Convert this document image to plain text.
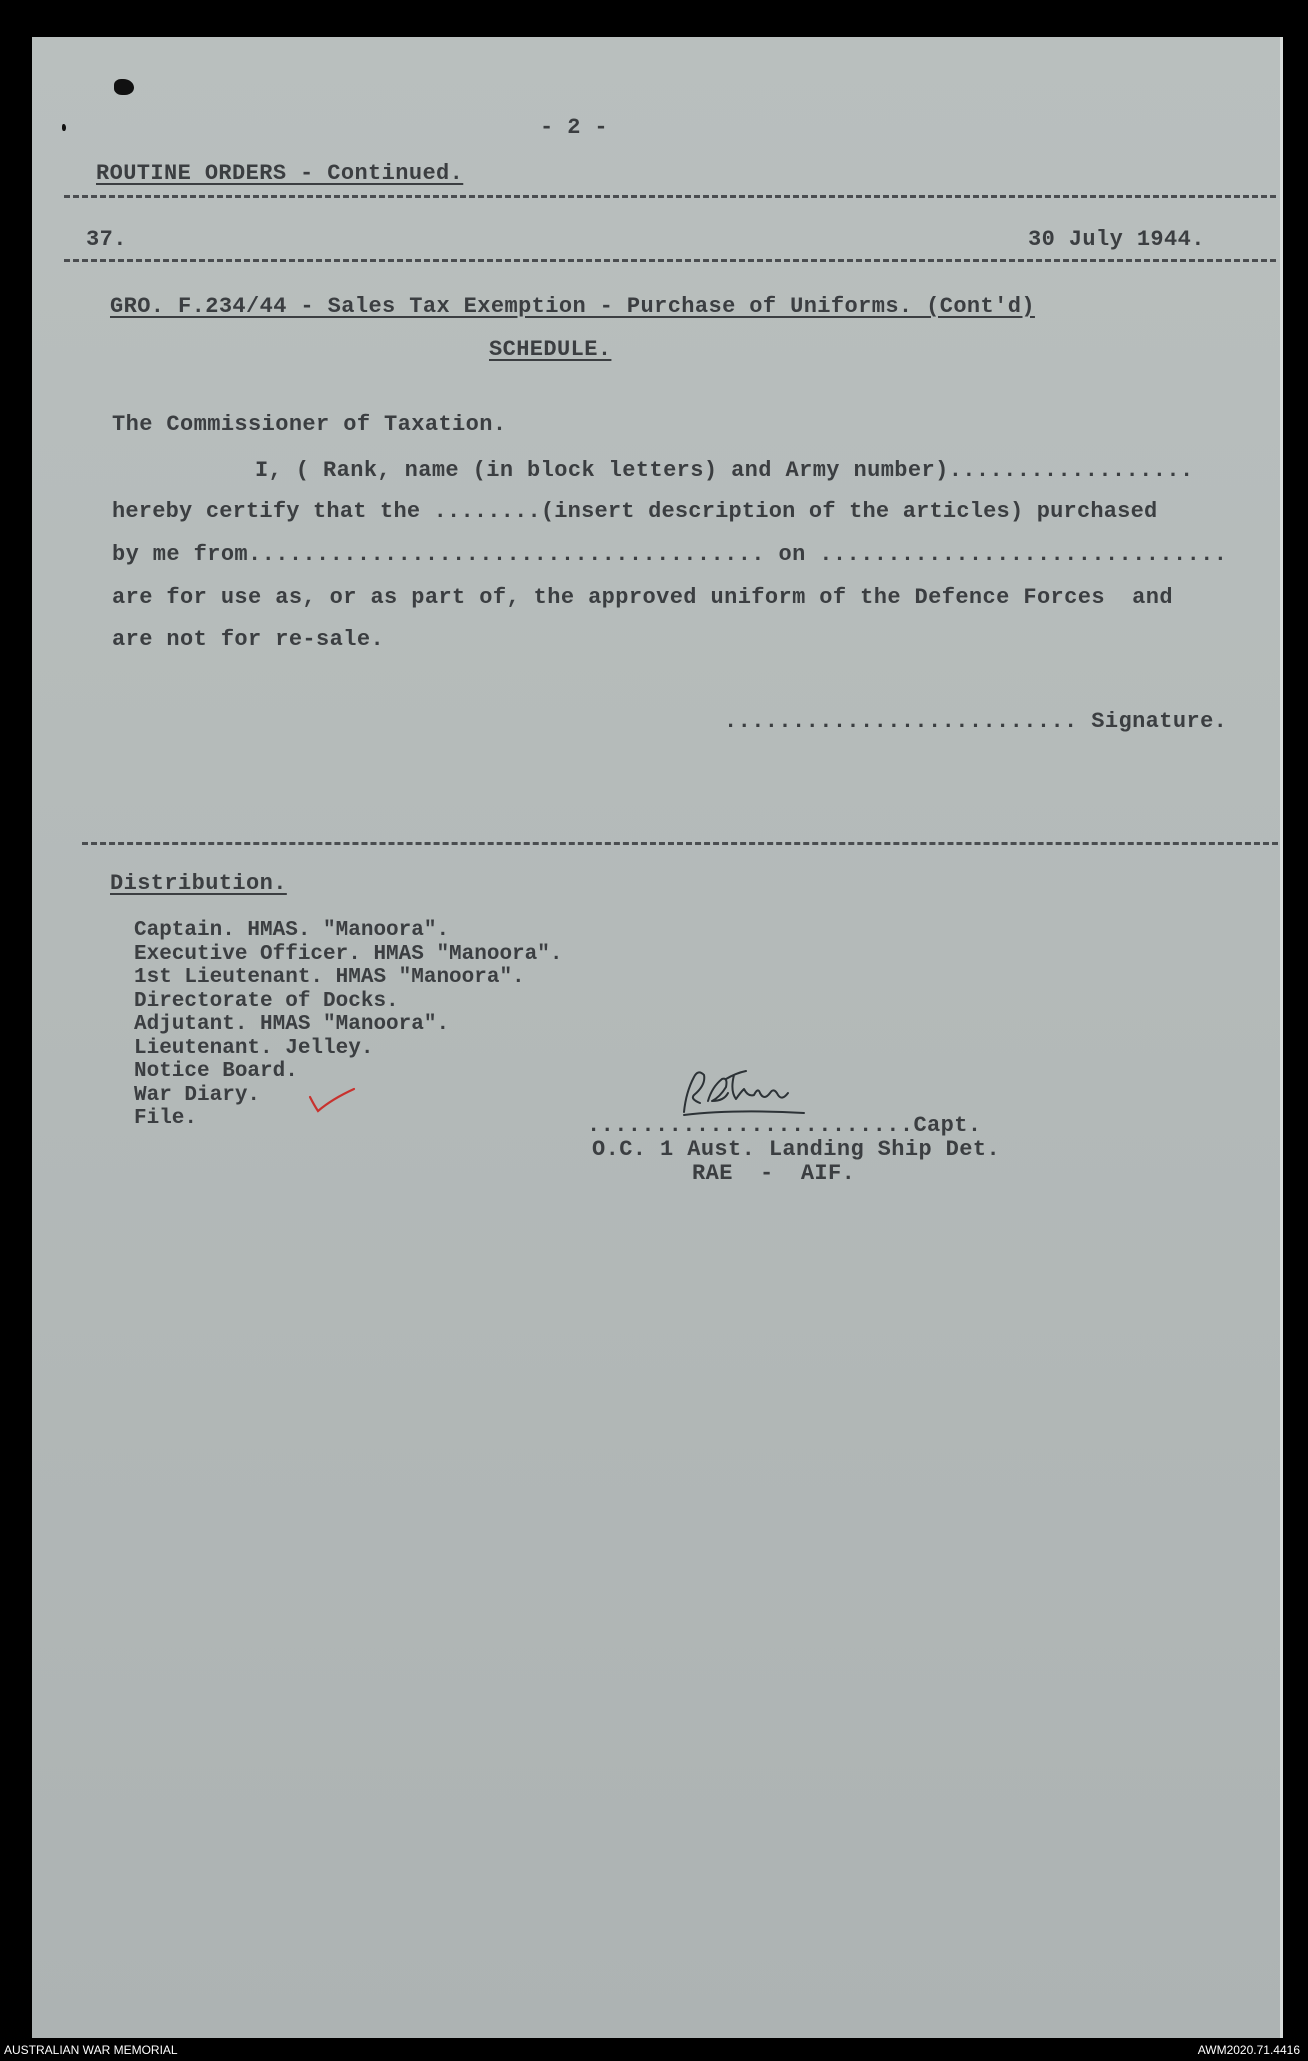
- 2 -
ROUTINE ORDERS - Continued.
37.	30 July 1944.
GRO. F.234/44 - Sales Tax Exemption - Purchase of Uniforms. (Cont'd)
SCHEDULE.
The Commissioner of Taxation.
I, ( Rank, name (in block letters) and Army number)..................
hereby certify that the ........(insert description of the articles) purchased
by me from...................................... on ..............................
are for use as, or as part of, the approved uniform of the Defence Forces  and
are not for re-sale.
.......................... Signature.
Distribution.
Captain. HMAS. "Manoora".
Executive Officer. HMAS "Manoora".
1st Lieutenant. HMAS "Manoora".
Directorate of Docks.
Adjutant. HMAS "Manoora".
Lieutenant. Jelley.
Notice Board.
War Diary.
File.	........................Capt.
O.C. 1 Aust. Landing Ship Det.
RAE  -  AIF.
AUSTRALIAN WAR MEMORIAL	AWM2020.71.4416
